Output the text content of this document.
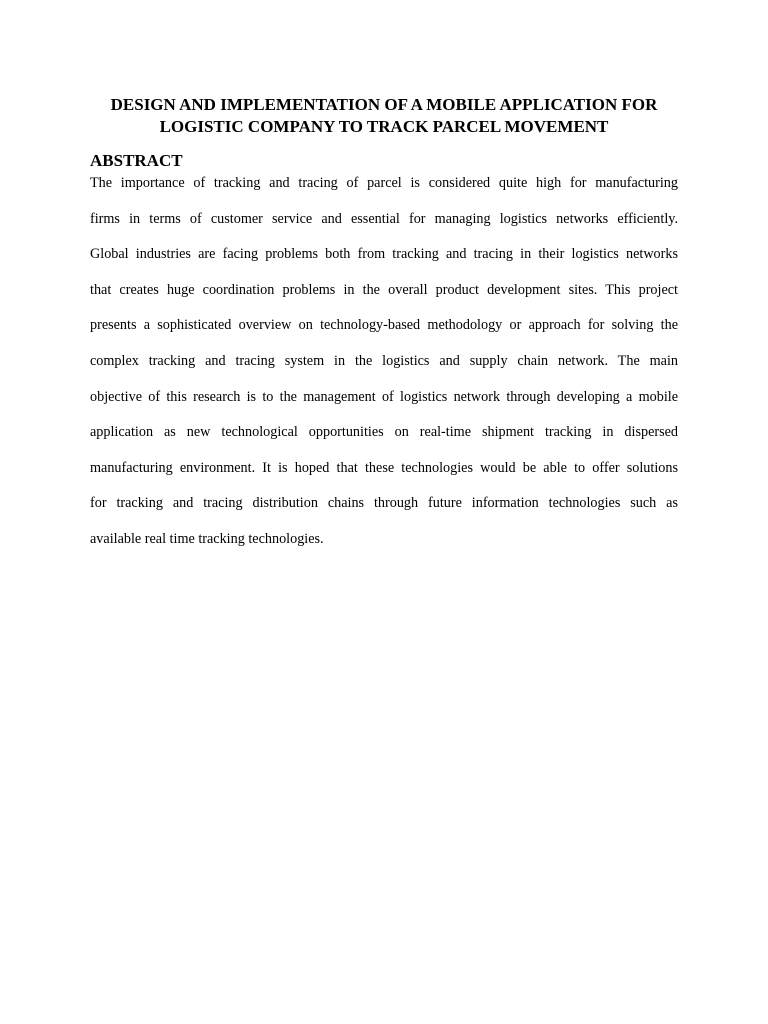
DESIGN AND IMPLEMENTATION OF A MOBILE APPLICATION FOR
LOGISTIC COMPANY TO TRACK PARCEL MOVEMENT
ABSTRACT
The importance of tracking and tracing of parcel is considered quite high for manufacturing
firms in terms of customer service and essential for managing logistics networks efficiently.
Global industries are facing problems both from tracking and tracing in their logistics networks
that creates huge coordination problems in the overall product development sites. This project
presents a sophisticated overview on technology-based methodology or approach for solving the
complex tracking and tracing system in the logistics and supply chain network. The main
objective of this research is to the management of logistics network through developing a mobile
application as new technological opportunities on real-time shipment tracking in dispersed
manufacturing environment. It is hoped that these technologies would be able to offer solutions
for tracking and tracing distribution chains through future information technologies such as
available real time tracking technologies.
